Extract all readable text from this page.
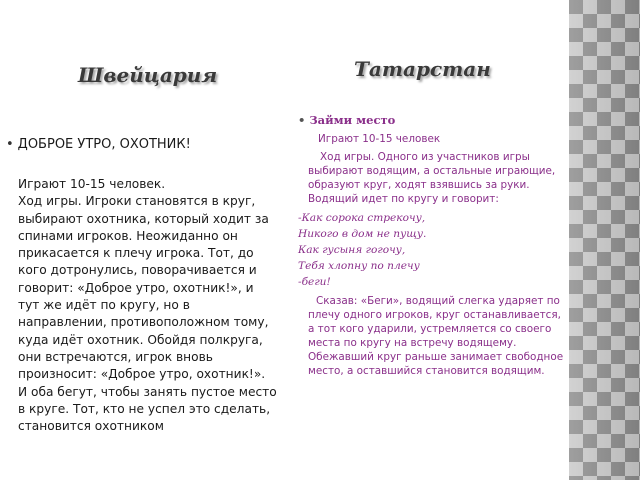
Швейцария	Татарстан

• ДОБРОЕ УТРО, ОХОТНИК!

Играют 10-15 человек.
Ход игры. Игроки становятся в круг, выбирают охотника, который ходит за спинами игроков. Неожиданно он прикасается к плечу игрока. Тот, до кого дотронулись, поворачивается и говорит: «Доброе утро, охотник!», и тут же идёт по кругу, но в направлении, противоположном тому, куда идёт охотник. Обойдя полкруга, они встречаются, игрок вновь произносит: «Доброе утро, охотник!». И оба бегут, чтобы занять пустое место в круге. Тот, кто не успел это сделать, становится охотником

• Займи место

Играют 10-15 человек

Ход игры. Одного из участников игры выбирают водящим, а остальные играющие, образуют круг, ходят взявшись за руки. Водящий идет по кругу и говорит:

-Как сорока стрекочу,

Никого в дом не пущу.

Как гусыня гогочу,

Тебя хлопну по плечу

-беги!

Сказав: «Беги», водящий слегка ударяет по плечу одного игроков, круг останавливается, а тот кого ударили, устремляется со своего места по кругу на встречу водящему. Обежавший круг раньше занимает свободное место, а оставшийся становится водящим.
